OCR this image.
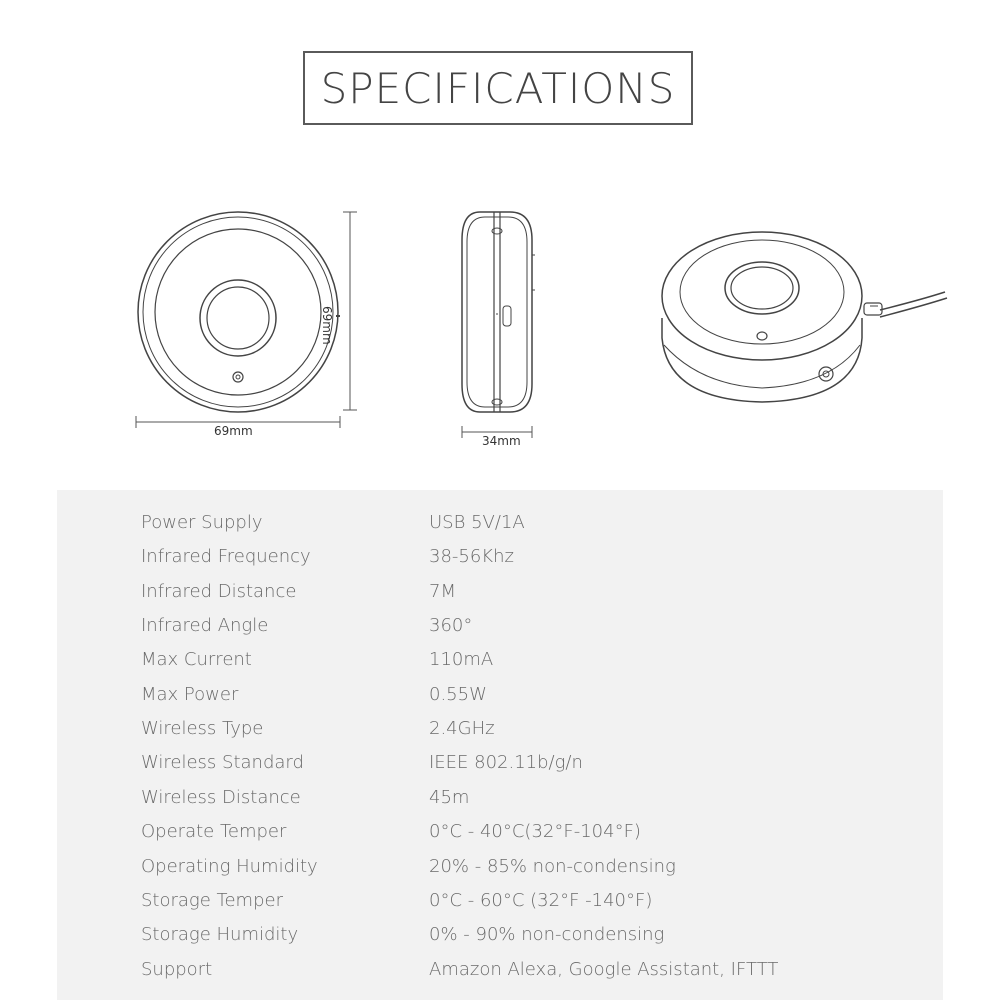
SPECIFICATIONS
69mm
69mm
34mm
Power Supply	USB 5V/1A
Infrared Frequency	38-56Khz
Infrared Distance	7M
Infrared Angle	360°
Max Current	110mA
Max Power	0.55W
Wireless Type	2.4GHz
Wireless Standard	IEEE 802.11b/g/n
Wireless Distance	45m
Operate Temper	0°C - 40°C(32°F-104°F)
Operating Humidity	20% - 85% non-condensing
Storage Temper	0°C - 60°C (32°F -140°F)
Storage Humidity	0% - 90% non-condensing
Support	Amazon Alexa, Google Assistant, IFTTT
